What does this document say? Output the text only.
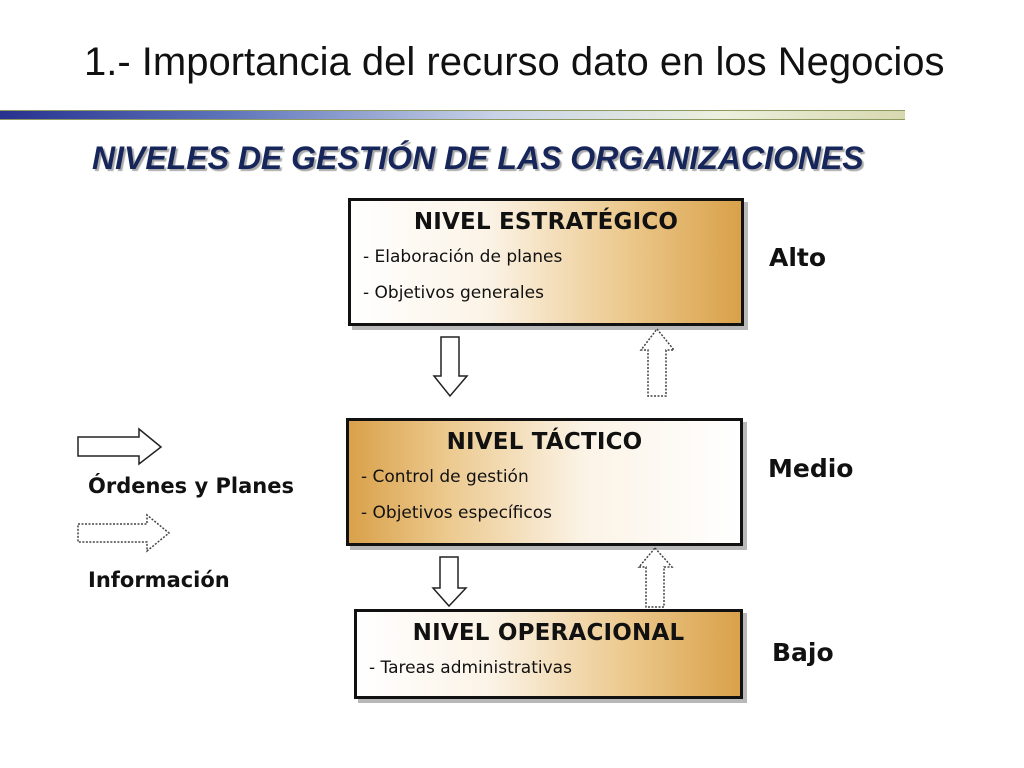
1.- Importancia del recurso dato en los Negocios
NIVELES DE GESTIÓN DE LAS ORGANIZACIONES
NIVEL ESTRATÉGICO
- Elaboración de planes
- Objetivos generales
NIVEL TÁCTICO
- Control de gestión
- Objetivos específicos
NIVEL OPERACIONAL
- Tareas administrativas
Alto
Medio
Bajo
Órdenes y Planes
Información
